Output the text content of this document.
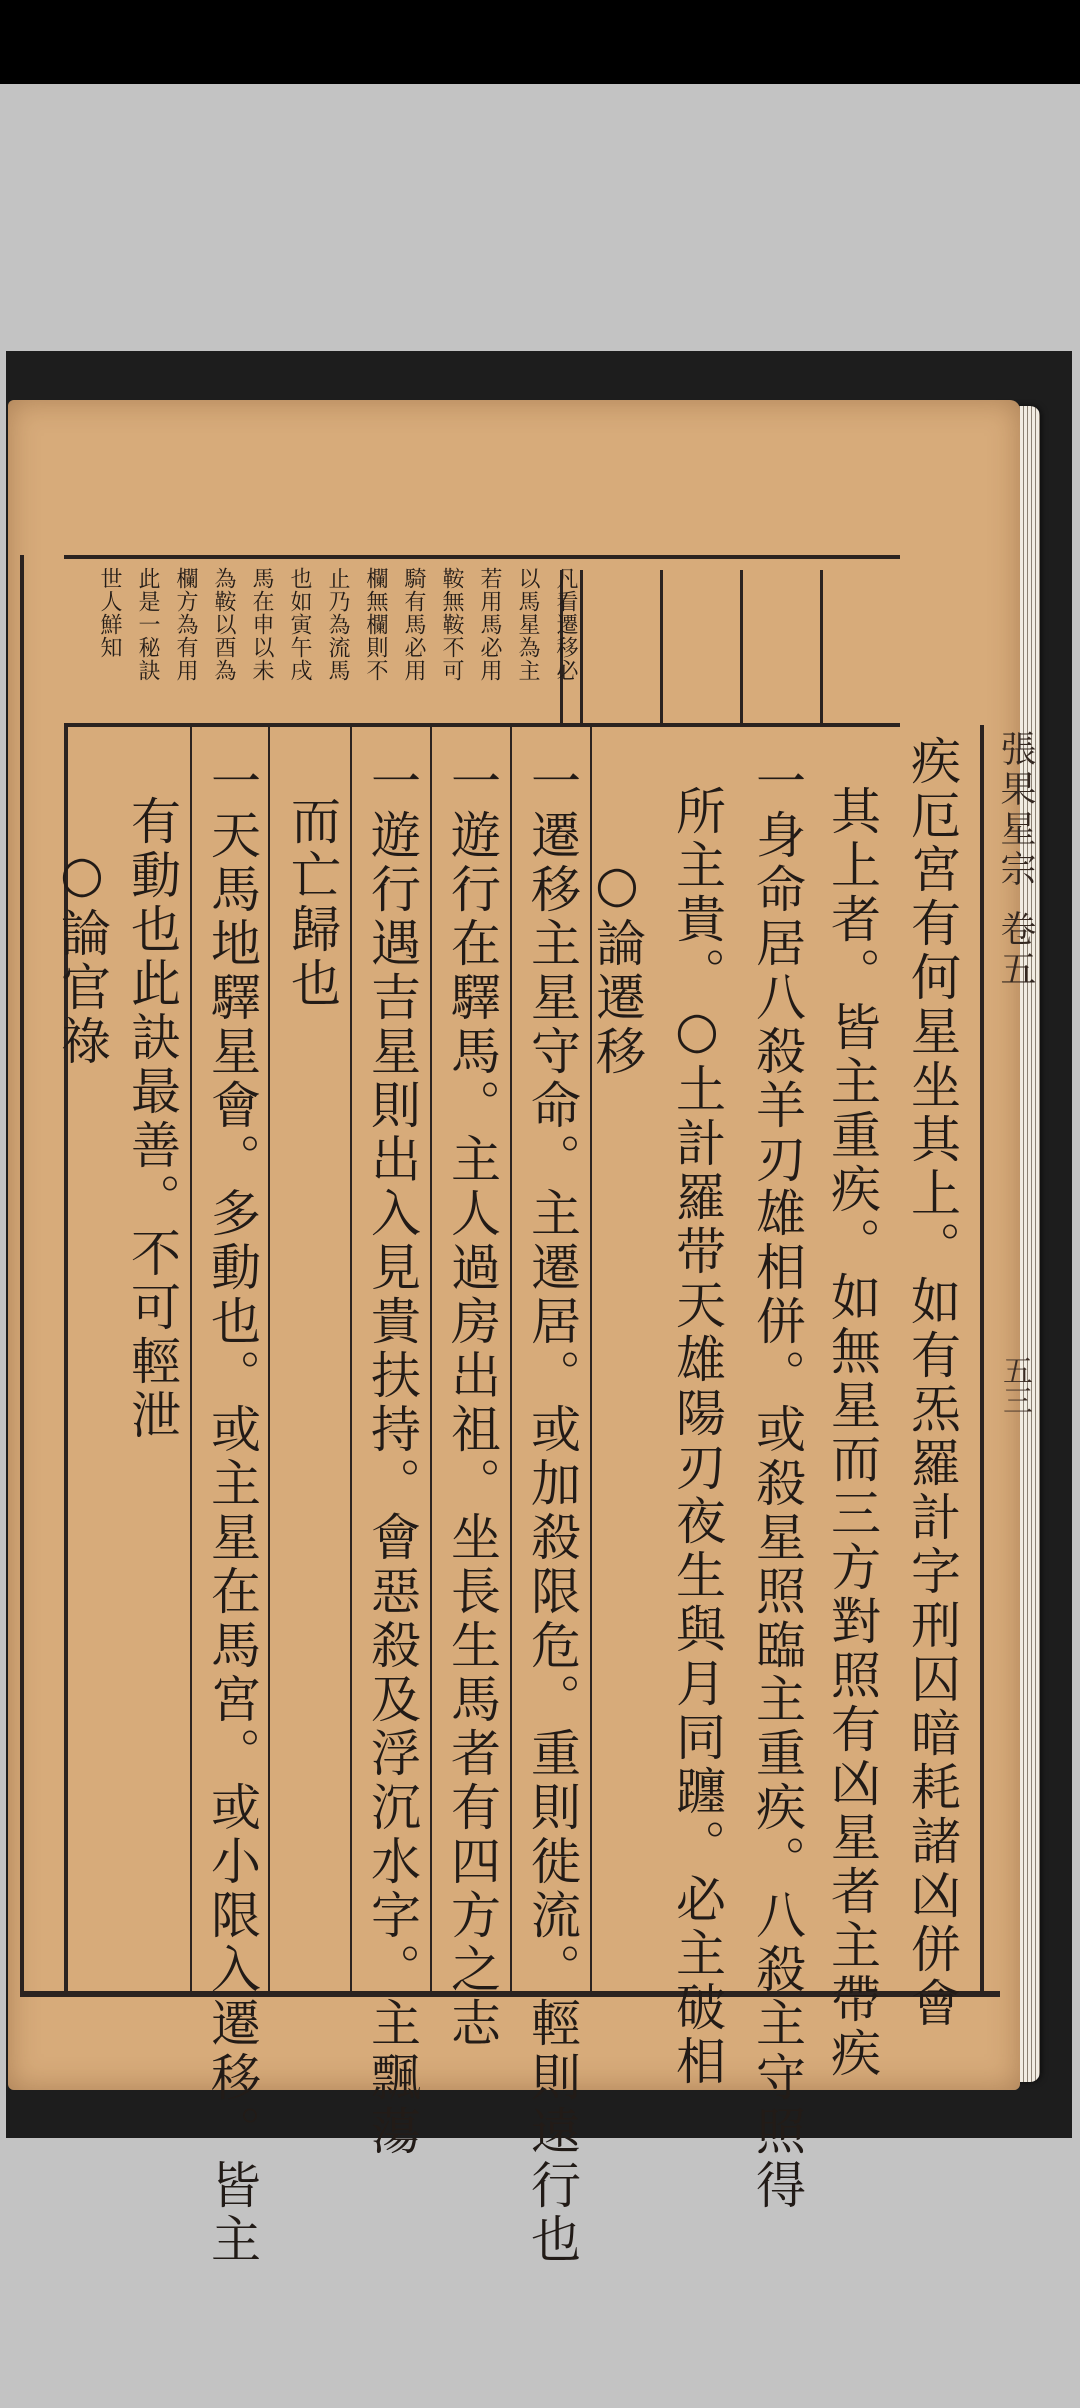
凡看遷移必
以馬星為主
若用馬必用
鞍無鞍不可
騎有馬必用
欄無欄則不
止乃為流馬
也如寅午戌
馬在申以未
為鞍以酉為
欄方為有用
此是一秘訣
世人鮮知
疾厄宮有何星坐其上。如有炁羅計字刑囚暗耗諸凶併會
其上者。皆主重疾。如無星而三方對照有凶星者主帶疾
一身命居八殺羊刃雄相併。或殺星照臨主重疾。八殺主守照得
所主貴。○土計羅带天雄陽刃夜生與月同躔。必主破相
○論遷移
一遷移主星守命。主遷居。或加殺限危。重則徙流。輕則遠行也
一遊行在驛馬。主人過房出祖。坐長生馬者有四方之志
一遊行遇吉星則出入見貴扶持。會惡殺及浮沉水字。主飄蕩
而亡歸也
一天馬地驛星會。多動也。或主星在馬宮。或小限入遷移。皆主
有動也此訣最善。不可輕泄
○論官祿
張果星宗
卷五
五三
